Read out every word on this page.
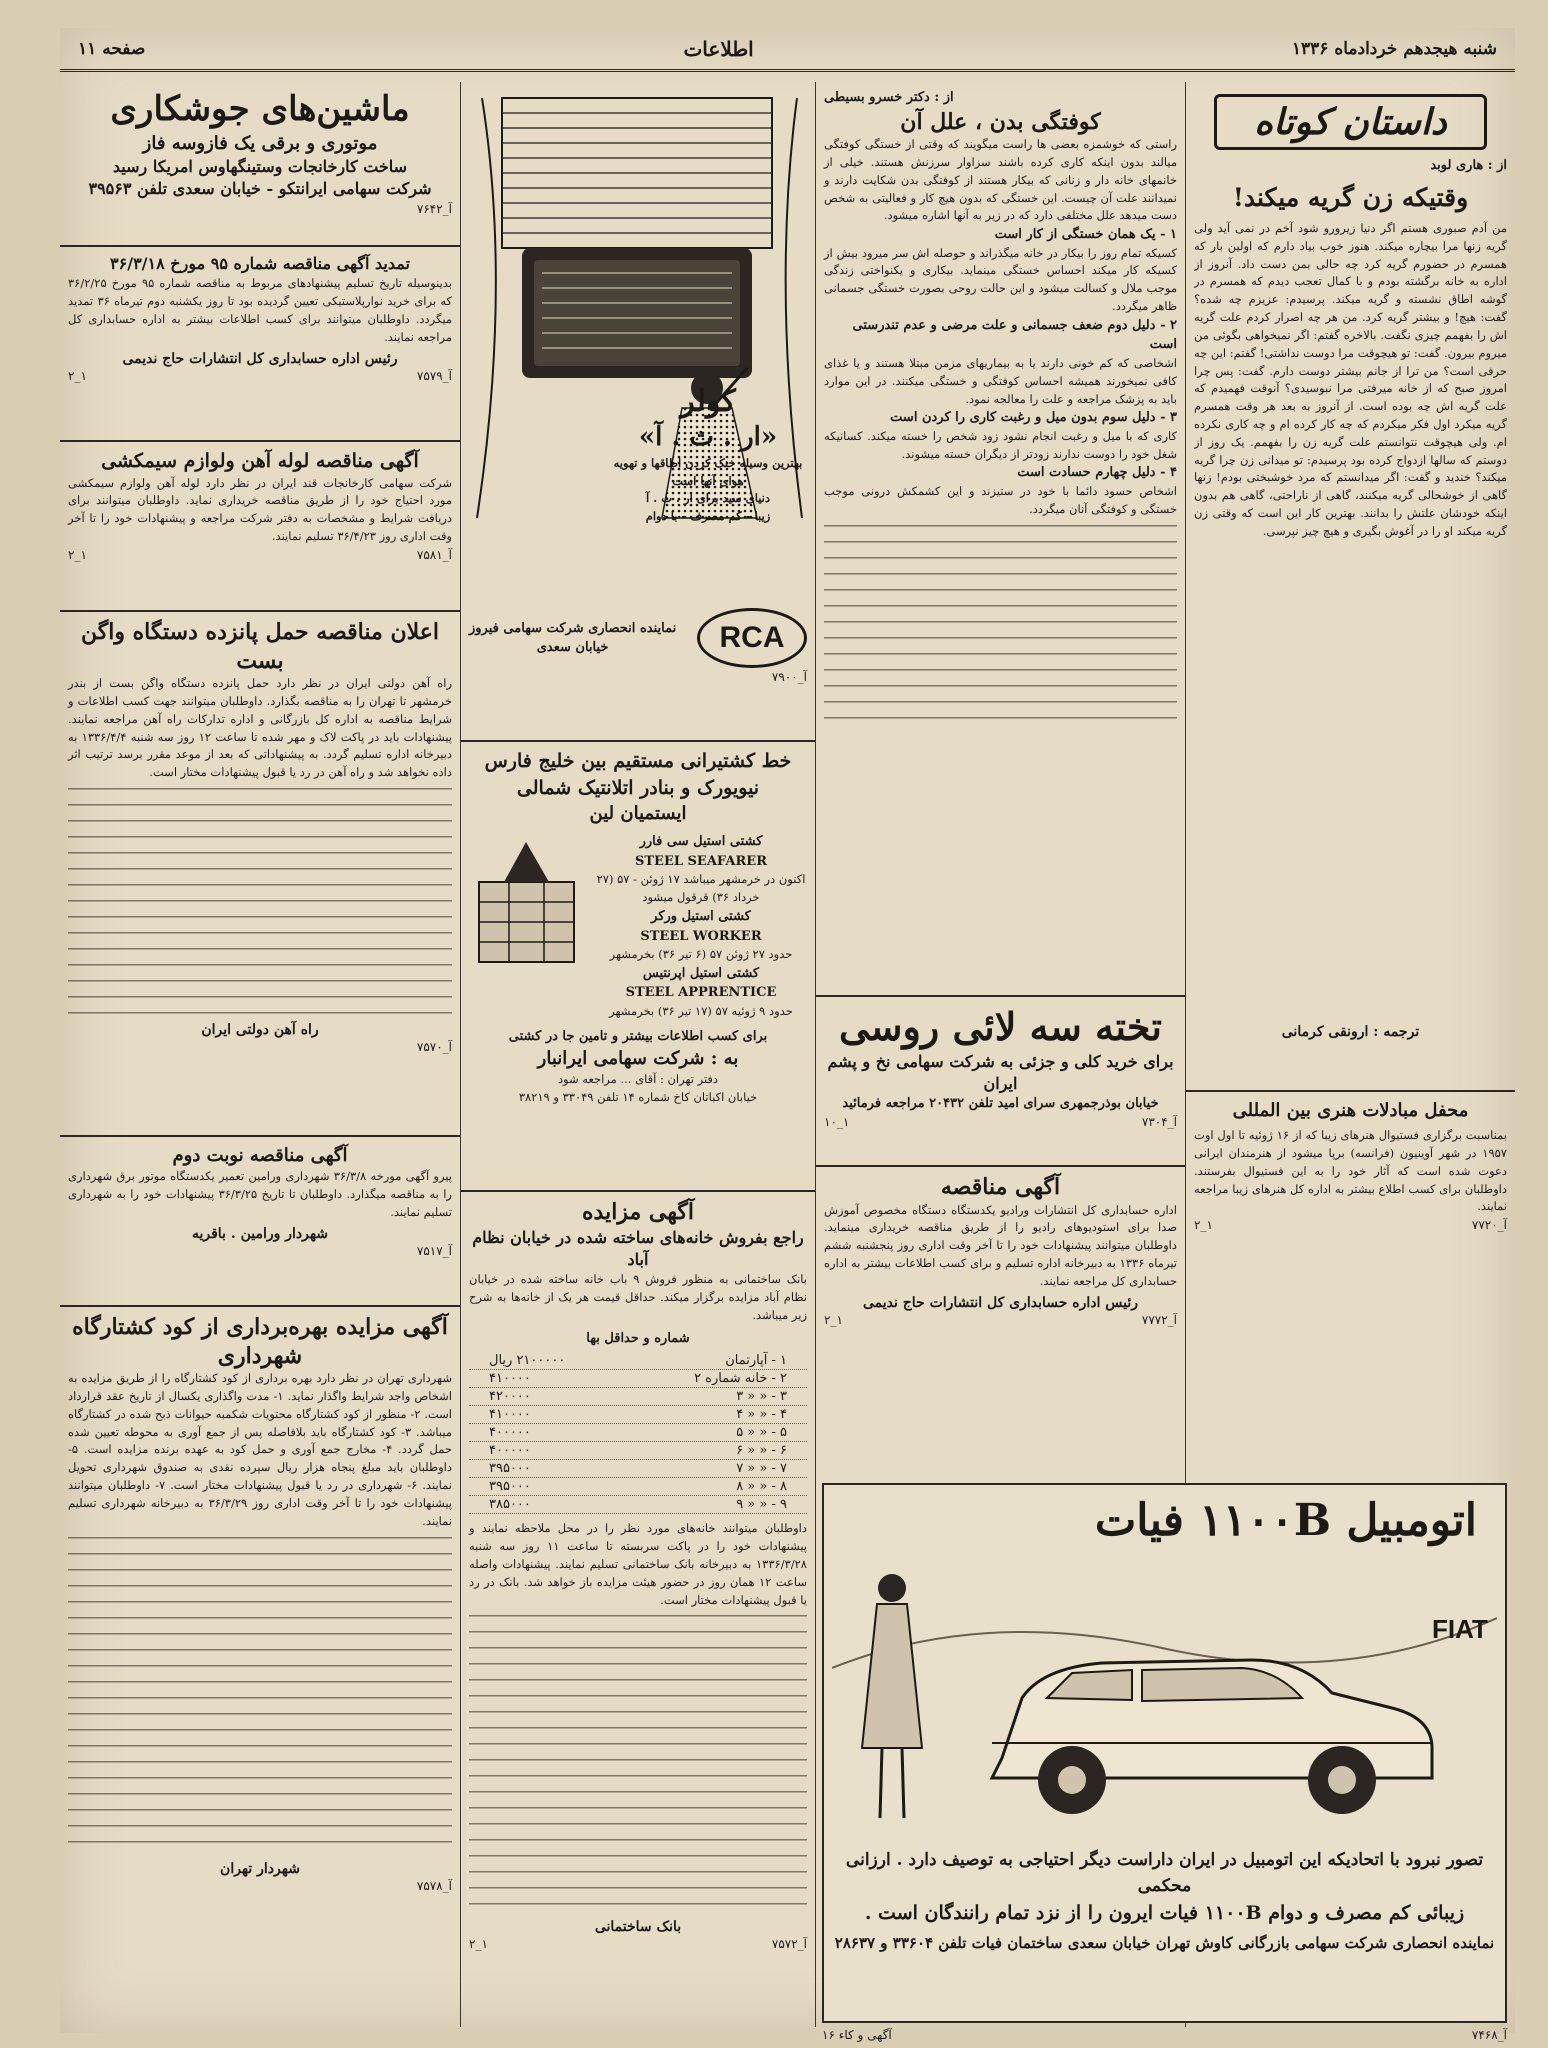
شنبه هیجدهم خردادماه ۱۳۳۶
اطلاعات
صفحه ۱۱
داستان کوتاه
از : هاری لوبد
وقتیکه زن گریه میکند!
من آدم صبوری هستم اگر دنیا زیرورو شود آخم در نمی آید ولی گریه زنها مرا بیچاره میکند. هنوز خوب بیاد دارم که اولین بار که همسرم در حضورم گریه کرد چه حالی بمن دست داد. آنروز از اداره به خانه برگشته بودم و با کمال تعجب دیدم که همسرم در گوشه اطاق نشسته و گریه میکند. پرسیدم: عزیزم چه شده؟ گفت: هیچ! و بیشتر گریه کرد. من هر چه اصرار کردم علت گریه اش را بفهمم چیزی نگفت. بالاخره گفتم: اگر نمیخواهی بگوئی من میروم بیرون. گفت: تو هیچوقت مرا دوست نداشتی! گفتم: این چه حرفی است؟ من ترا از جانم بیشتر دوست دارم. گفت: پس چرا امروز صبح که از خانه میرفتی مرا نبوسیدی؟ آنوقت فهمیدم که علت گریه اش چه بوده است. از آنروز به بعد هر وقت همسرم گریه میکرد اول فکر میکردم که چه کار کرده ام و چه کاری نکرده ام. ولی هیچوقت نتوانستم علت گریه زن را بفهمم. یک روز از دوستم که سالها ازدواج کرده بود پرسیدم: تو میدانی زن چرا گریه میکند؟ خندید و گفت: اگر میدانستم که مرد خوشبختی بودم! زنها گاهی از خوشحالی گریه میکنند، گاهی از ناراحتی، گاهی هم بدون اینکه خودشان علتش را بدانند. بهترین کار این است که وقتی زن گریه میکند او را در آغوش بگیری و هیچ چیز نپرسی.
ترجمه : ارونقی کرمانی
محفل مبادلات هنری بین المللی
بمناسبت برگزاری فستیوال هنرهای زیبا که از ۱۶ ژوئیه تا اول اوت ۱۹۵۷ در شهر آوینیون (فرانسه) برپا میشود از هنرمندان ایرانی دعوت شده است که آثار خود را به این فستیوال بفرستند. داوطلبان برای کسب اطلاع بیشتر به اداره کل هنرهای زیبا مراجعه نمایند.
۲_۱	آ_۷۷۲۰
از : دکتر خسرو بسیطی
کوفتگی بدن ، علل آن
راستی که خوشمزه بعضی ها راست میگویند که وقتی از خستگی کوفتگی میالند بدون اینکه کاری کرده باشند سزاوار سرزنش هستند. خیلی از خانمهای خانه دار و زنانی که بیکار هستند از کوفتگی بدن شکایت دارند و نمیدانند علت آن چیست. این خستگی که بدون هیچ کار و فعالیتی به شخص دست میدهد علل مختلفی دارد که در زیر به آنها اشاره میشود.
۱ - یک همان خستگی از کار است
کسیکه تمام روز را بیکار در خانه میگذراند و حوصله اش سر میرود بیش از کسیکه کار میکند احساس خستگی مینماید. بیکاری و یکنواختی زندگی موجب ملال و کسالت میشود و این حالت روحی بصورت خستگی جسمانی ظاهر میگردد.
۲ - دلیل دوم ضعف جسمانی و علت مرضی و عدم تندرستی است
اشخاصی که کم خونی دارند یا به بیماریهای مزمن مبتلا هستند و یا غذای کافی نمیخورند همیشه احساس کوفتگی و خستگی میکنند. در این موارد باید به پزشک مراجعه و علت را معالجه نمود.
۳ - دلیل سوم بدون میل و رغبت کاری را کردن است
کاری که با میل و رغبت انجام نشود زود شخص را خسته میکند. کسانیکه شغل خود را دوست ندارند زودتر از دیگران خسته میشوند.
۴ - دلیل چهارم حسادت است
اشخاص حسود دائما با خود در ستیزند و این کشمکش درونی موجب خستگی و کوفتگی آنان میگردد.
تخته سه لائی روسی
برای خرید کلی و جزئی به شرکت سهامی نخ و پشم ایران
خیابان بوذرجمهری سرای امید تلفن ۲۰۴۳۲ مراجعه فرمائید
۱۰_۱	آ_۷۳۰۴
آگهی مناقصه
اداره حسابداری کل انتشارات ورادیو یکدستگاه دستگاه مخصوص آموزش صدا برای استودیوهای رادیو را از طریق مناقصه خریداری مینماید. داوطلبان میتوانند پیشنهادات خود را تا آخر وقت اداری روز پنجشنبه ششم تیرماه ۱۳۳۶ به دبیرخانه اداره تسلیم و برای کسب اطلاعات بیشتر به اداره حسابداری کل مراجعه نمایند.
رئیس اداره حسابداری کل انتشارات حاج ندیمی
۲_۱	آ_۷۷۷۲
کولر
«ار . ث . آ»
بهترین وسیله خنک کردن اطاقها و تهویه هوای آنها است
دنیای سید برای ار . ث . آ
زیبا - کم مصرف - با دوام
RCA
نماینده انحصاری شرکت سهامی فیروز
خیابان سعدی
آ_۷۹۰۰
خط کشتیرانی مستقیم بین خلیج فارس نیویورک و بنادر اتلانتیک شمالی
ایستمیان لین
کشتی استیل سی فارر
STEEL SEAFARER
اکنون در خرمشهر میباشد ۱۷ ژوئن - ۵۷ (۲۷ خرداد ۳۶) قرقول میشود
کشتی استیل ورکر
STEEL WORKER
حدود ۲۷ ژوئن ۵۷ (۶ تیر ۳۶) بخرمشهر
کشتی استیل اپرنتیس
STEEL APPRENTICE
حدود ۹ ژوئیه ۵۷ (۱۷ تیر ۳۶) بخرمشهر
برای کسب اطلاعات بیشتر و تامین جا در کشتی
به : شرکت سهامی ایرانبار
دفتر تهران : آقای ... مراجعه شود
خیابان اکباتان کاخ شماره ۱۴ تلفن ۳۳۰۴۹ و ۳۸۲۱۹
آگهی مزایده
راجع بفروش خانه‌های ساخته شده در خیابان نظام آباد
بانک ساختمانی به منظور فروش ۹ باب خانه ساخته شده در خیابان نظام آباد مزایده برگزار میکند. حداقل قیمت هر یک از خانه‌ها به شرح زیر میباشد.
شماره و حداقل بها
۱ - آپارتمان
۲۱۰۰۰۰۰ ریال
۲ - خانه شماره ۲
۴۱۰۰۰۰
۳ - « « ۳
۴۲۰۰۰۰
۴ - « « ۴
۴۱۰۰۰۰
۵ - « « ۵
۴۰۰۰۰۰
۶ - « « ۶
۴۰۰۰۰۰
۷ - « « ۷
۳۹۵۰۰۰
۸ - « « ۸
۳۹۵۰۰۰
۹ - « « ۹
۳۸۵۰۰۰
داوطلبان میتوانند خانه‌های مورد نظر را در محل ملاحظه نمایند و پیشنهادات خود را در پاکت سربسته تا ساعت ۱۱ روز سه شنبه ۱۳۳۶/۳/۲۸ به دبیرخانه بانک ساختمانی تسلیم نمایند. پیشنهادات واصله ساعت ۱۲ همان روز در حضور هیئت مزایده باز خواهد شد. بانک در رد یا قبول پیشنهادات مختار است.
بانک ساختمانی
۲_۱	آ_۷۵۷۲
ماشین‌های جوشکاری
موتوری و برقی یک فازوسه فاز
ساخت کارخانجات وستینگهاوس امریکا رسید
شرکت سهامی ایرانتکو - خیابان سعدی تلفن ۳۹۵۶۳
آ_۷۶۴۲
تمدید آگهی مناقصه شماره ۹۵ مورخ ۳۶/۳/۱۸
بدینوسیله تاریخ تسلیم پیشنهادهای مربوط به مناقصه شماره ۹۵ مورخ ۳۶/۲/۲۵ که برای خرید نوارپلاستیکی تعیین گردیده بود تا روز یکشنبه دوم تیرماه ۳۶ تمدید میگردد. داوطلبان میتوانند برای کسب اطلاعات بیشتر به اداره حسابداری کل مراجعه نمایند.
رئیس اداره حسابداری کل انتشارات حاج ندیمی
۲_۱	آ_۷۵۷۹
آگهی مناقصه لوله آهن ولوازم سیمکشی
شرکت سهامی کارخانجات قند ایران در نظر دارد لوله آهن ولوازم سیمکشی مورد احتیاج خود را از طریق مناقصه خریداری نماید. داوطلبان میتوانند برای دریافت شرایط و مشخصات به دفتر شرکت مراجعه و پیشنهادات خود را تا آخر وقت اداری روز ۳۶/۴/۲۳ تسلیم نمایند.
۲_۱	آ_۷۵۸۱
اعلان مناقصه حمل پانزده دستگاه واگن بست
راه آهن دولتی ایران در نظر دارد حمل پانزده دستگاه واگن بست از بندر خرمشهر تا تهران را به مناقصه بگذارد. داوطلبان میتوانند جهت کسب اطلاعات و شرایط مناقصه به اداره کل بازرگانی و اداره تدارکات راه آهن مراجعه نمایند. پیشنهادات باید در پاکت لاک و مهر شده تا ساعت ۱۲ روز سه شنبه ۱۳۳۶/۴/۴ به دبیرخانه اداره تسلیم گردد. به پیشنهاداتی که بعد از موعد مقرر برسد ترتیب اثر داده نخواهد شد و راه آهن در رد یا قبول پیشنهادات مختار است.
راه آهن دولتی ایران
آ_۷۵۷۰
آگهی مناقصه نوبت دوم
پیرو آگهی مورخه ۳۶/۳/۸ شهرداری ورامین تعمیر یکدستگاه موتور برق شهرداری را به مناقصه میگذارد. داوطلبان تا تاریخ ۳۶/۳/۲۵ پیشنهادات خود را به شهرداری تسلیم نمایند.
شهردار ورامین . باقریه
آ_۷۵۱۷
آگهی مزایده بهره‌برداری از کود کشتارگاه شهرداری
شهرداری تهران در نظر دارد بهره برداری از کود کشتارگاه را از طریق مزایده به اشخاص واجد شرایط واگذار نماید. ۱- مدت واگذاری یکسال از تاریخ عقد قرارداد است. ۲- منظور از کود کشتارگاه محتویات شکمبه حیوانات ذبح شده در کشتارگاه میباشد. ۳- کود کشتارگاه باید بلافاصله پس از جمع آوری به محوطه تعیین شده حمل گردد. ۴- مخارج جمع آوری و حمل کود به عهده برنده مزایده است. ۵- داوطلبان باید مبلغ پنجاه هزار ریال سپرده نقدی به صندوق شهرداری تحویل نمایند. ۶- شهرداری در رد یا قبول پیشنهادات مختار است. ۷- داوطلبان میتوانند پیشنهادات خود را تا آخر وقت اداری روز ۳۶/۳/۲۹ به دبیرخانه شهرداری تسلیم نمایند.
شهردار تهران
آ_۷۵۷۸
اتومبیل ۱۱۰۰B فیات
FIAT
تصور نبرود با اتحادیکه این اتومبیل در ایران داراست دیگر احتیاجی به توصیف دارد . ارزانی محکمی
زیبائی کم مصرف و دوام ۱۱۰۰B فیات ایرون را از نزد تمام رانندگان است .
نماینده انحصاری شرکت سهامی بازرگانی کاوش تهران خیابان سعدی ساختمان فیات تلفن ۳۳۶۰۴ و ۲۸۶۳۷
۱۶ آگهی و کاء	آ_۷۴۶۸
